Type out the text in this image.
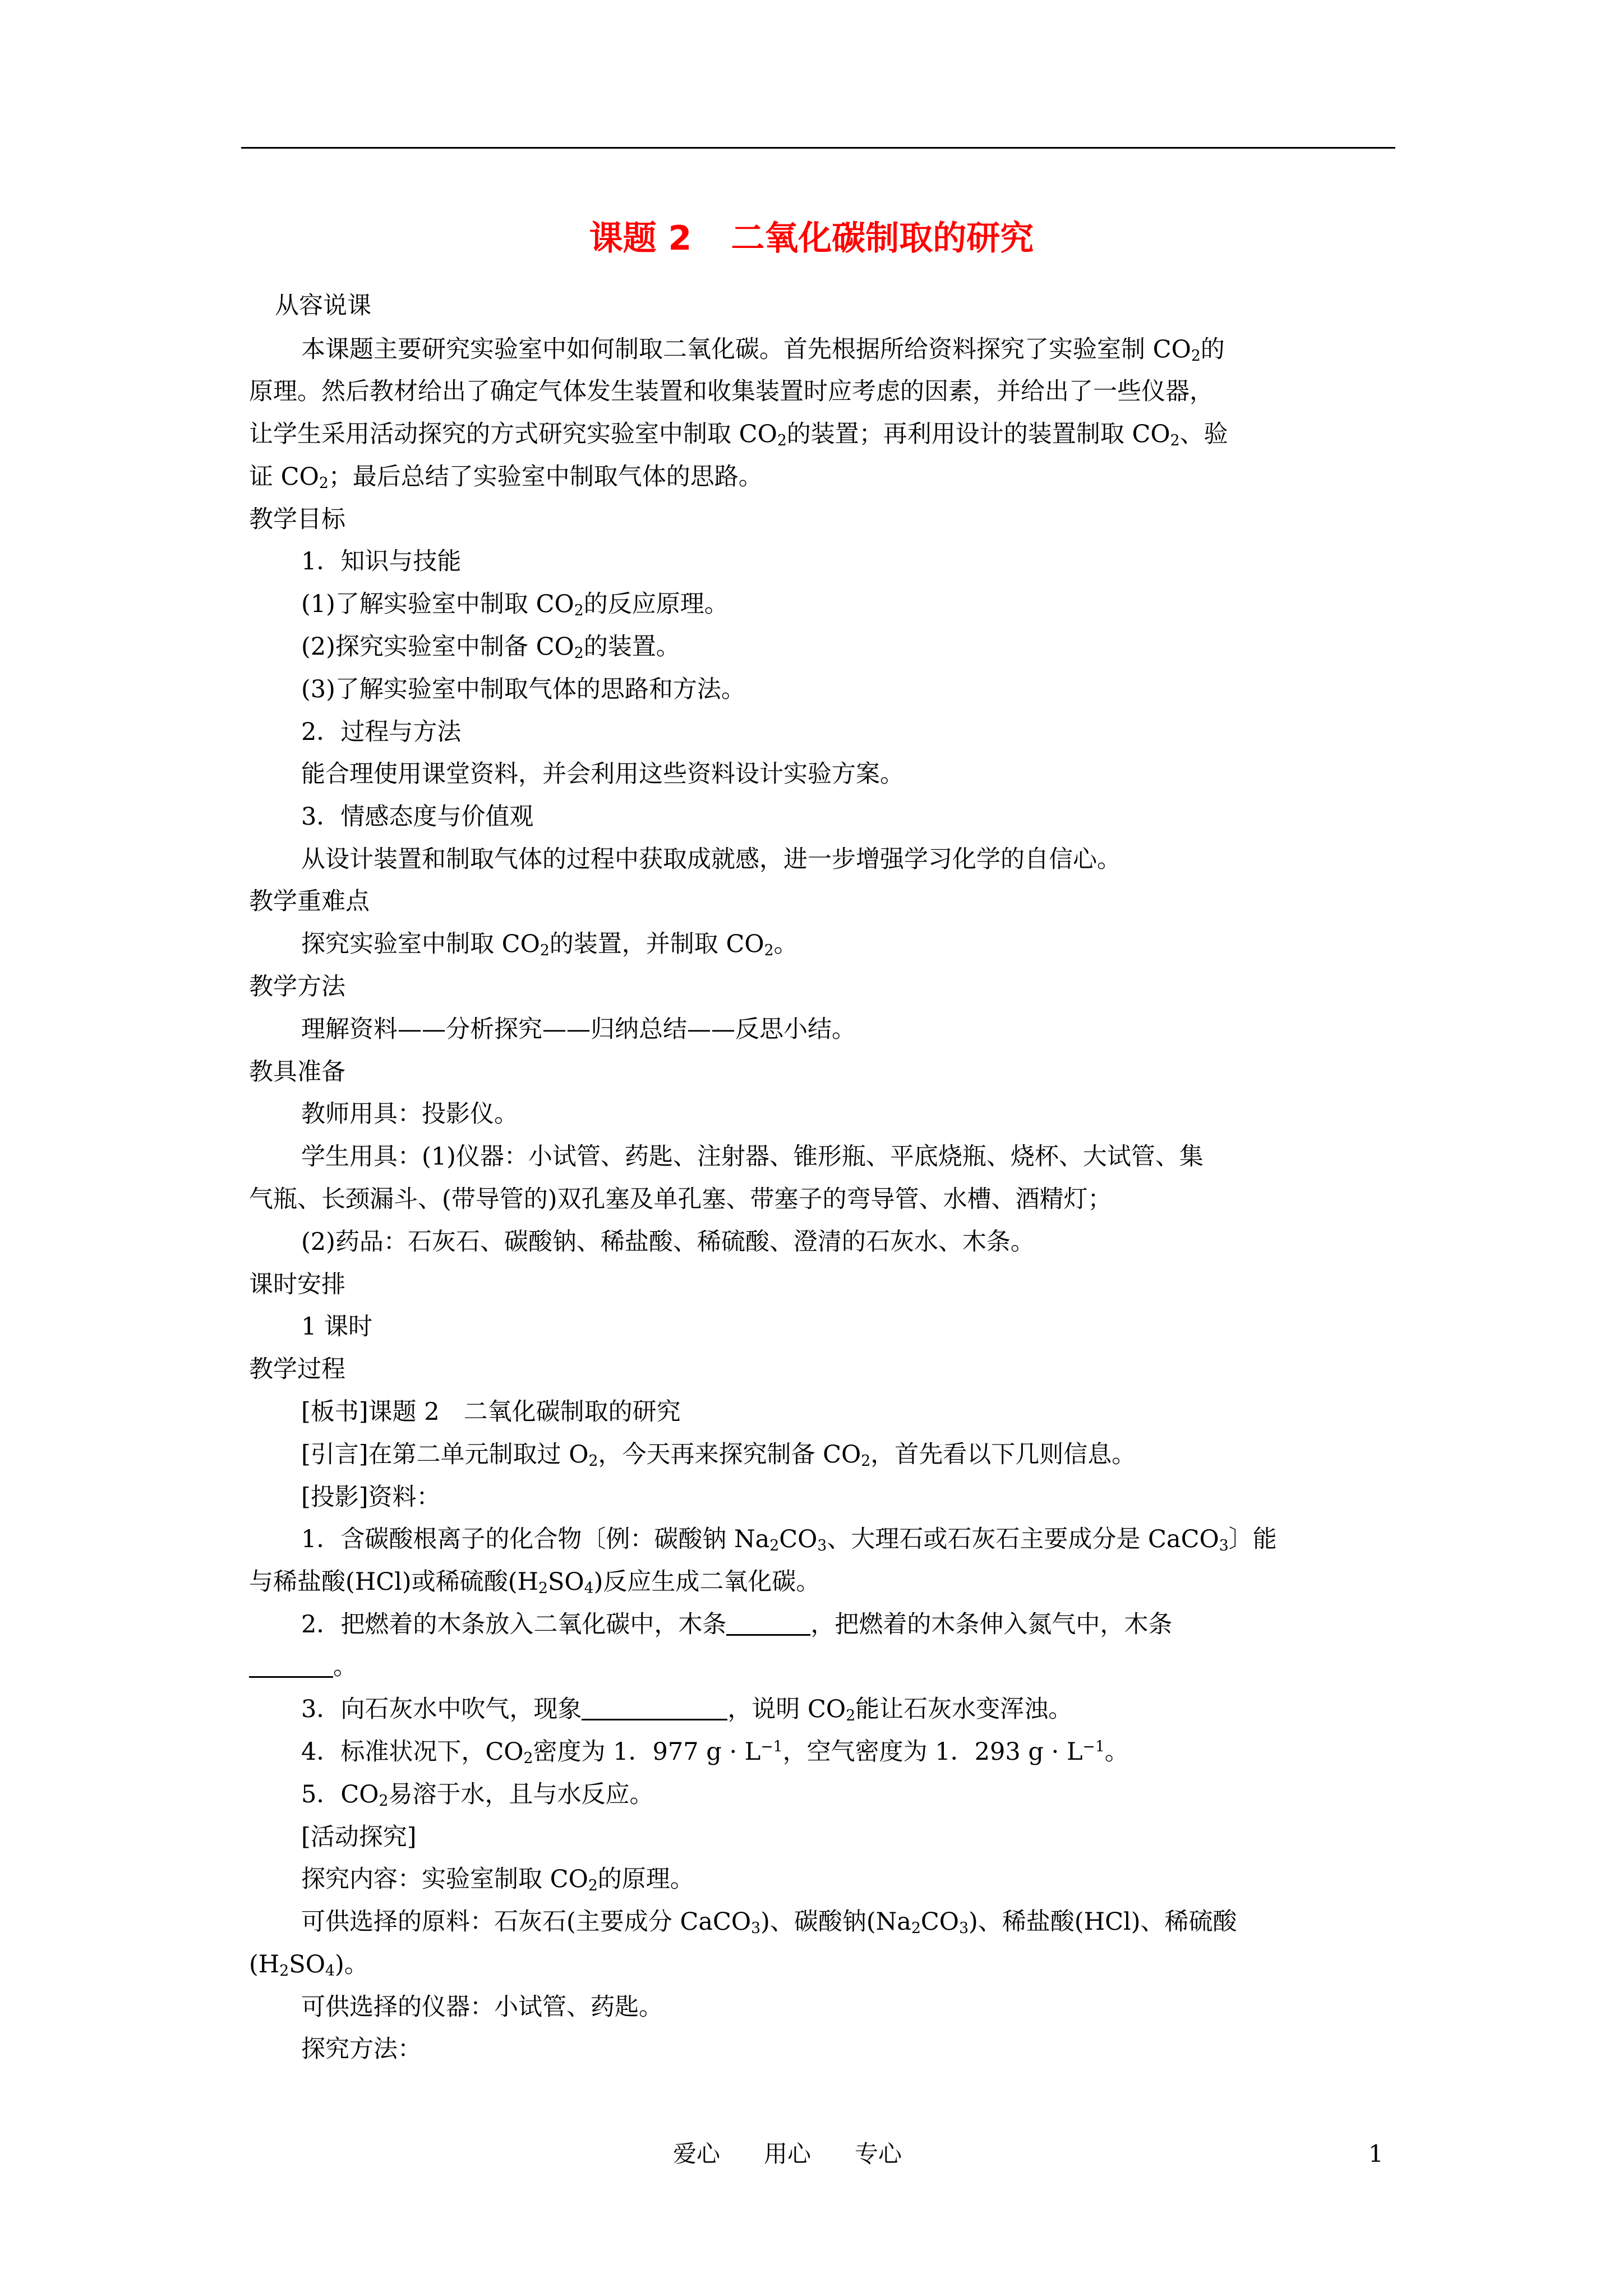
课题 2 二氧化碳制取的研究

从容说课

本课题主要研究实验室中如何制取二氧化碳。首先根据所给资料探究了实验室制 $CO_2$的

原理。然后教材给出了确定气体发生装置和收集装置时应考虑的因素，并给出了一些仪器，

让学生采用活动探究的方式研究实验室中制取 $CO_2$的装置；再利用设计的装置制取 $CO_2$、验

证 $CO_2$；最后总结了实验室中制取气体的思路。

教学目标

1．知识与技能

(1)了解实验室中制取 $CO_2$的反应原理。

(2)探究实验室中制备 $CO_2$的装置。

(3)了解实验室中制取气体的思路和方法。

2．过程与方法

能合理使用课堂资料，并会利用这些资料设计实验方案。

3．情感态度与价值观

从设计装置和制取气体的过程中获取成就感，进一步增强学习化学的自信心。

教学重难点

探究实验室中制取 $CO_2$的装置，并制取 $CO_2$。

教学方法

理解资料——分析探究——归纳总结——反思小结。

教具准备

教师用具：投影仪。

学生用具：(1)仪器：小试管、药匙、注射器、锥形瓶、平底烧瓶、烧杯、大试管、集

气瓶、长颈漏斗、(带导管的)双孔塞及单孔塞、带塞子的弯导管、水槽、酒精灯；

(2)药品：石灰石、碳酸钠、稀盐酸、稀硫酸、澄清的石灰水、木条。

课时安排

1 课时

教学过程

[板书]课题 2　二氧化碳制取的研究

[引言]在第二单元制取过 $O_2$，今天再来探究制备 $CO_2$，首先看以下几则信息。

[投影]资料：

1．含碳酸根离子的化合物〔例：碳酸钠 $Na_2CO_3$、大理石或石灰石主要成分是 CaCO$_3$〕能

与稀盐酸(HCl)或稀硫酸$(H_2SO_4)$反应生成二氧化碳。

2．把燃着的木条放入二氧化碳中，木条	，把燃着的木条伸入氮气中，木条

。

3．向石灰水中吹气，现象	，说明 $CO_2$能让石灰水变浑浊。

4．标准状况下，$CO_2$密度为 1．977 $g \cdot L^{-1}$，空气密度为 1．293 $g \cdot L^{-1}$。

5．$CO_2$易溶于水，且与水反应。

[活动探究]

探究内容：实验室制取 $CO_2$的原理。

可供选择的原料：石灰石(主要成分 CaCO$_3$)、碳酸钠$(Na_2CO_3)$、稀盐酸(HCl)、稀硫酸

$(H_2SO_4)$。

可供选择的仪器：小试管、药匙。

探究方法：

爱心 用心 专心	1
